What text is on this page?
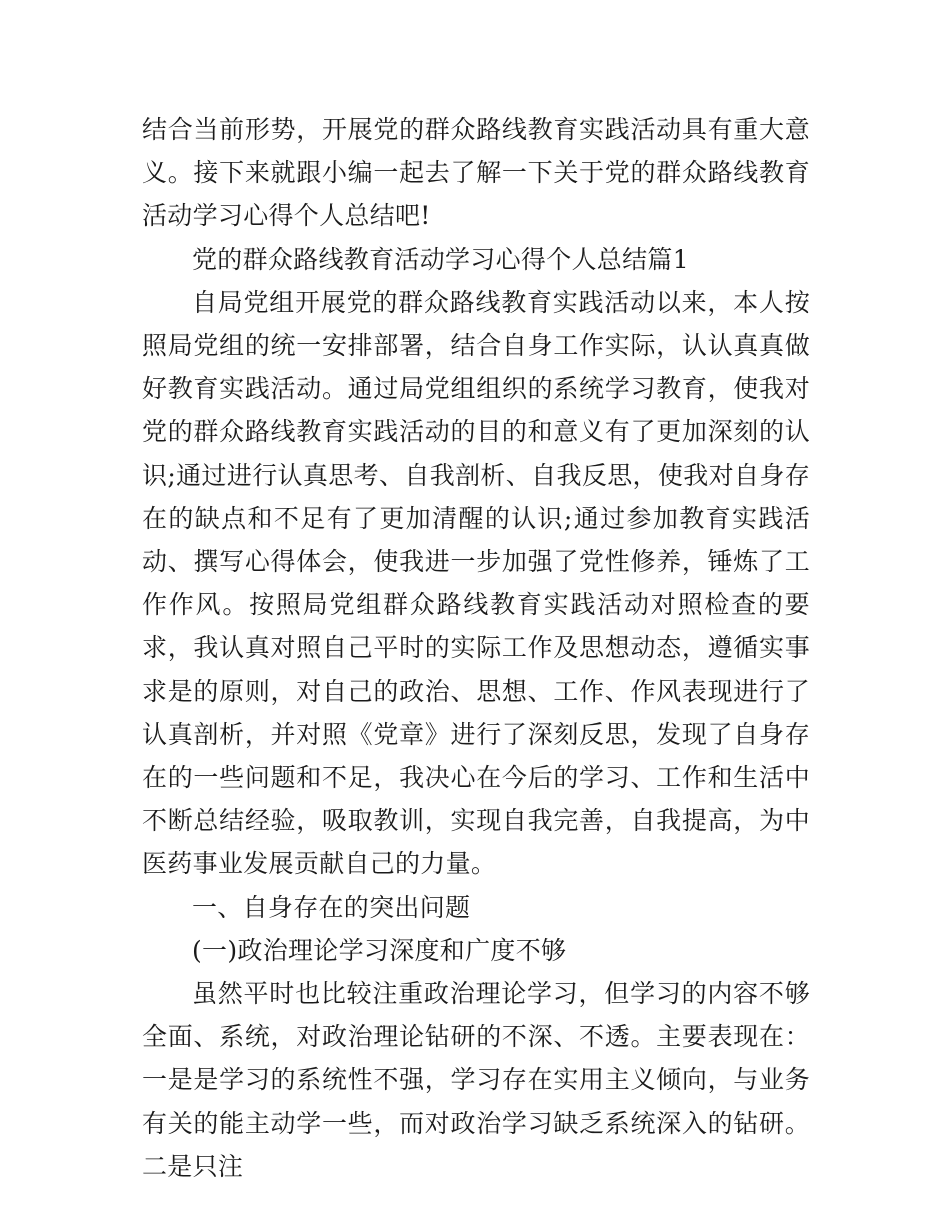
结合当前形势，开展党的群众路线教育实践活动具有重大意义。接下来就跟小编一起去了解一下关于党的群众路线教育活动学习心得个人总结吧!

党的群众路线教育活动学习心得个人总结篇1

自局党组开展党的群众路线教育实践活动以来，本人按照局党组的统一安排部署，结合自身工作实际，认认真真做好教育实践活动。通过局党组组织的系统学习教育，使我对党的群众路线教育实践活动的目的和意义有了更加深刻的认识;通过进行认真思考、自我剖析、自我反思，使我对自身存在的缺点和不足有了更加清醒的认识;通过参加教育实践活动、撰写心得体会，使我进一步加强了党性修养，锤炼了工作作风。按照局党组群众路线教育实践活动对照检查的要求，我认真对照自己平时的实际工作及思想动态，遵循实事求是的原则，对自己的政治、思想、工作、作风表现进行了认真剖析，并对照《党章》进行了深刻反思，发现了自身存在的一些问题和不足，我决心在今后的学习、工作和生活中不断总结经验，吸取教训，实现自我完善，自我提高，为中医药事业发展贡献自己的力量。

一、自身存在的突出问题

(一)政治理论学习深度和广度不够

虽然平时也比较注重政治理论学习，但学习的内容不够全面、系统，对政治理论钻研的不深、不透。主要表现在：一是是学习的系统性不强，学习存在实用主义倾向，与业务有关的能主动学一些，而对政治学习缺乏系统深入的钻研。二是只注
